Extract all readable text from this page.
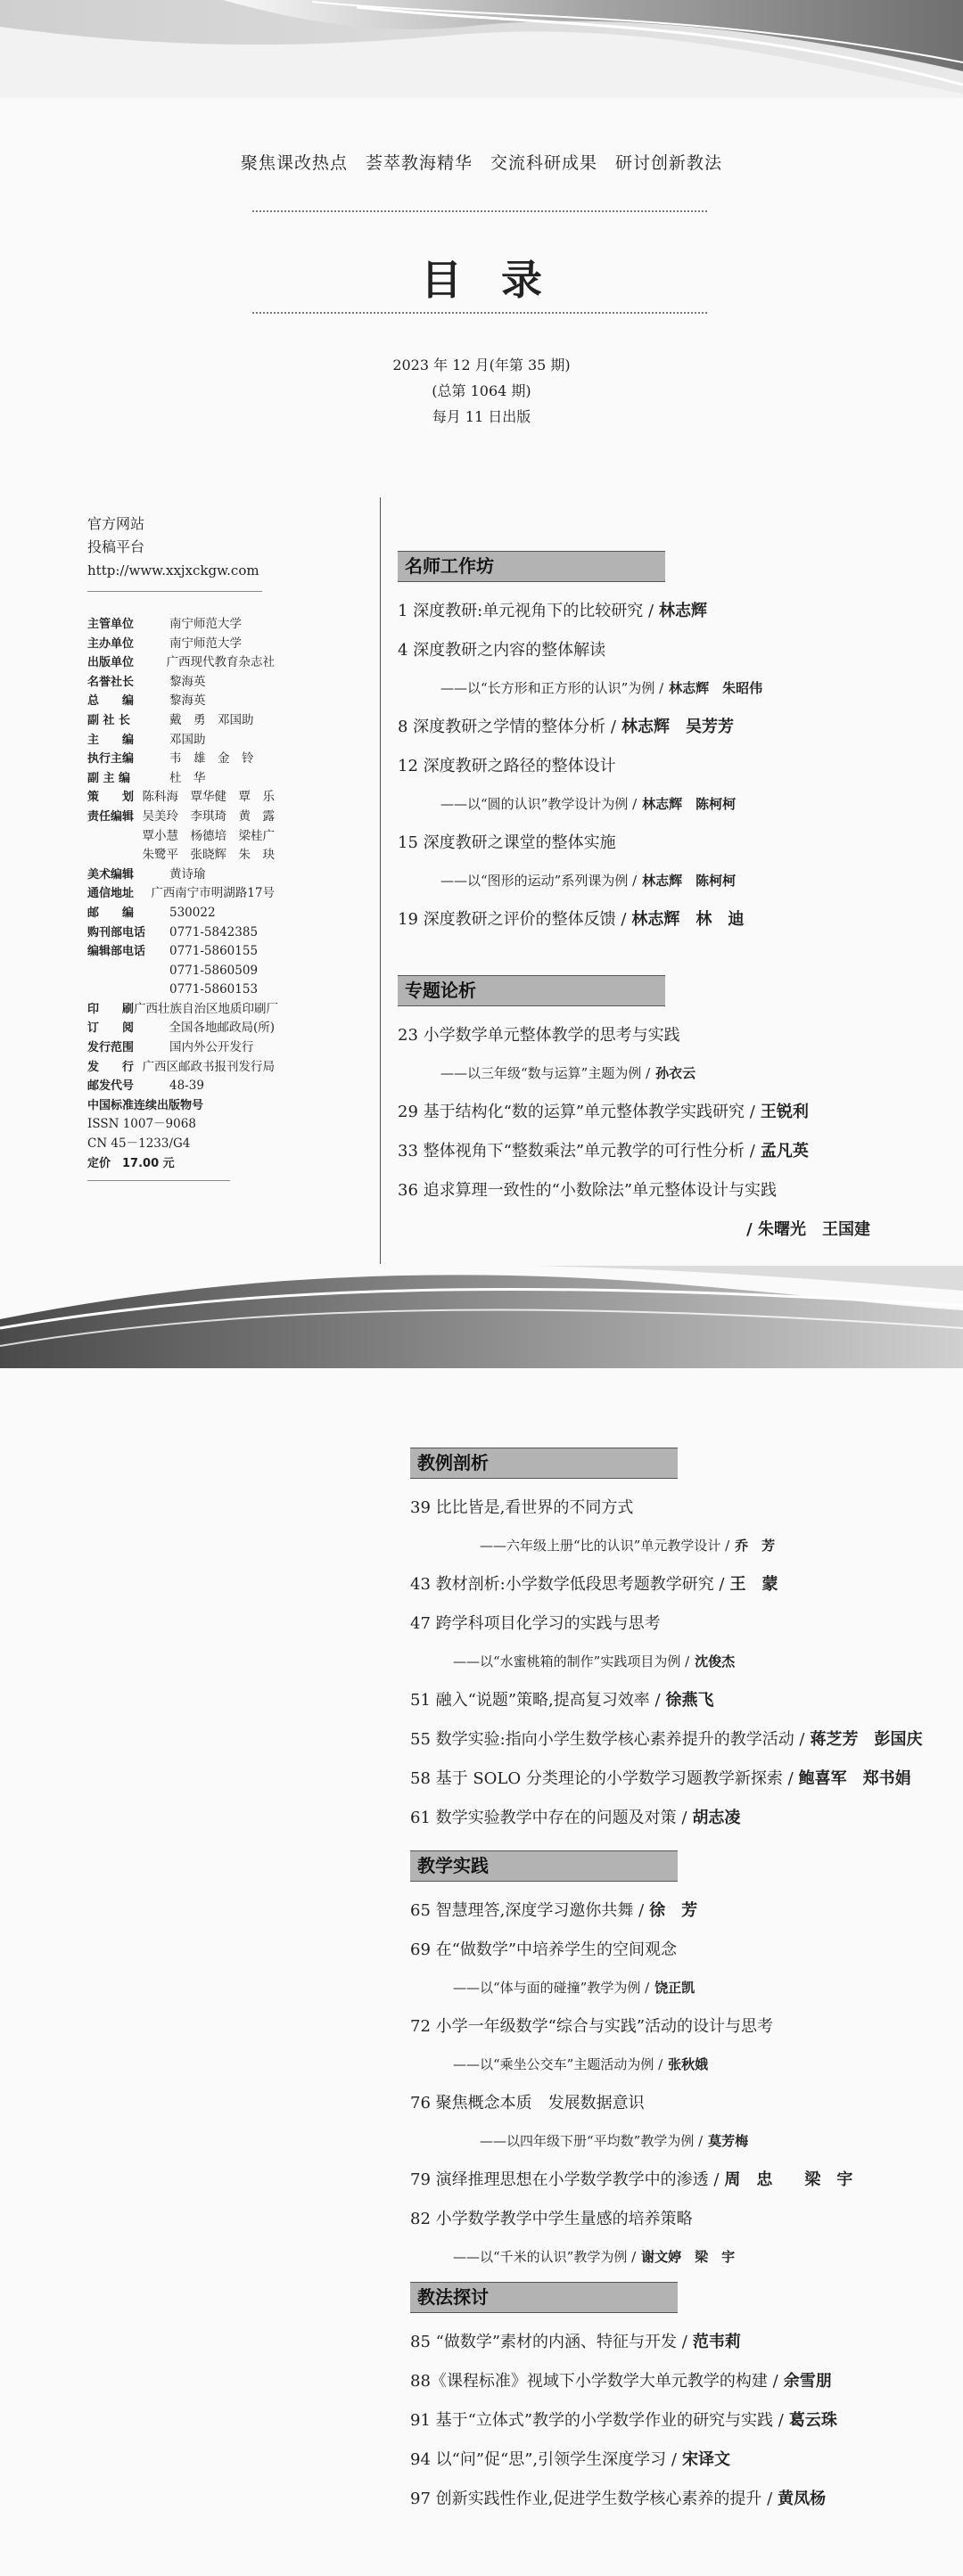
聚焦课改热点　荟萃教海精华　交流科研成果　研讨创新教法
目录
2023 年 12 月(年第 35 期)
(总第 1064 期)
每月 11 日出版
官方网站
投稿平台
http://www.xxjxckgw.com
主管单位	南宁师范大学
主办单位	南宁师范大学
出版单位	广西现代教育杂志社
名誉社长	黎海英
总　　编	黎海英
副 社 长	戴　勇　邓国助
主　　编	邓国助
执行主编	韦　雄　金　铃
副 主 编	杜　华
策　　划 陈科海　覃华健　覃　乐
责任编辑 吴美玲　李琪琦　黄　露
覃小慧　杨德培　梁桂广
朱鹭平　张晓辉　朱　玦
美术编辑	黄诗瑜
通信地址	广西南宁市明湖路17号
邮　　编	530022
购刊部电话	0771-5842385
编辑部电话	0771-5860155
0771-5860509
0771-5860153
印　　刷 广西壮族自治区地质印刷厂
订　　阅	全国各地邮政局(所)
发行范围	国内外公开发行
发　　行 广西区邮政书报刊发行局
邮发代号	48-39
中国标准连续出版物号
ISSN 1007－9068
CN 45－1233/G4
定价　17.00 元
名师工作坊
1 深度教研:单元视角下的比较研究 / 林志辉
4 深度教研之内容的整体解读
——以“长方形和正方形的认识”为例 / 林志辉　朱昭伟
8 深度教研之学情的整体分析 / 林志辉　吴芳芳
12 深度教研之路径的整体设计
——以“圆的认识”教学设计为例 / 林志辉　陈柯柯
15 深度教研之课堂的整体实施
——以“图形的运动”系列课为例 / 林志辉　陈柯柯
19 深度教研之评价的整体反馈 / 林志辉　林　迪
专题论析
23 小学数学单元整体教学的思考与实践
——以三年级“数与运算”主题为例 / 孙衣云
29 基于结构化“数的运算”单元整体教学实践研究 / 王锐利
33 整体视角下“整数乘法”单元教学的可行性分析 / 孟凡英
36 追求算理一致性的“小数除法”单元整体设计与实践
/ 朱曙光　王国建
教例剖析
39 比比皆是,看世界的不同方式
——六年级上册“比的认识”单元教学设计 / 乔　芳
43 教材剖析:小学数学低段思考题教学研究 / 王　蒙
47 跨学科项目化学习的实践与思考
——以“水蜜桃箱的制作”实践项目为例 / 沈俊杰
51 融入“说题”策略,提高复习效率 / 徐燕飞
55 数学实验:指向小学生数学核心素养提升的教学活动 / 蒋芝芳　彭国庆
58 基于 SOLO 分类理论的小学数学习题教学新探索 / 鲍喜军　郑书娟
61 数学实验教学中存在的问题及对策 / 胡志凌
教学实践
65 智慧理答,深度学习邀你共舞 / 徐　芳
69 在“做数学”中培养学生的空间观念
——以“体与面的碰撞”教学为例 / 饶正凯
72 小学一年级数学“综合与实践”活动的设计与思考
——以“乘坐公交车”主题活动为例 / 张秋娥
76 聚焦概念本质　发展数据意识
——以四年级下册“平均数”教学为例 / 莫芳梅
79 演绎推理思想在小学数学教学中的渗透 / 周　忠　　梁　宇
82 小学数学教学中学生量感的培养策略
——以“千米的认识”教学为例 / 谢文婷　梁　宇
教法探讨
85 “做数学”素材的内涵、特征与开发 / 范韦莉
88《课程标准》视域下小学数学大单元教学的构建 / 余雪朋
91 基于“立体式”教学的小学数学作业的研究与实践 / 葛云珠
94 以“问”促“思”,引领学生深度学习 / 宋译文
97 创新实践性作业,促进学生数学核心素养的提升 / 黄凤杨
